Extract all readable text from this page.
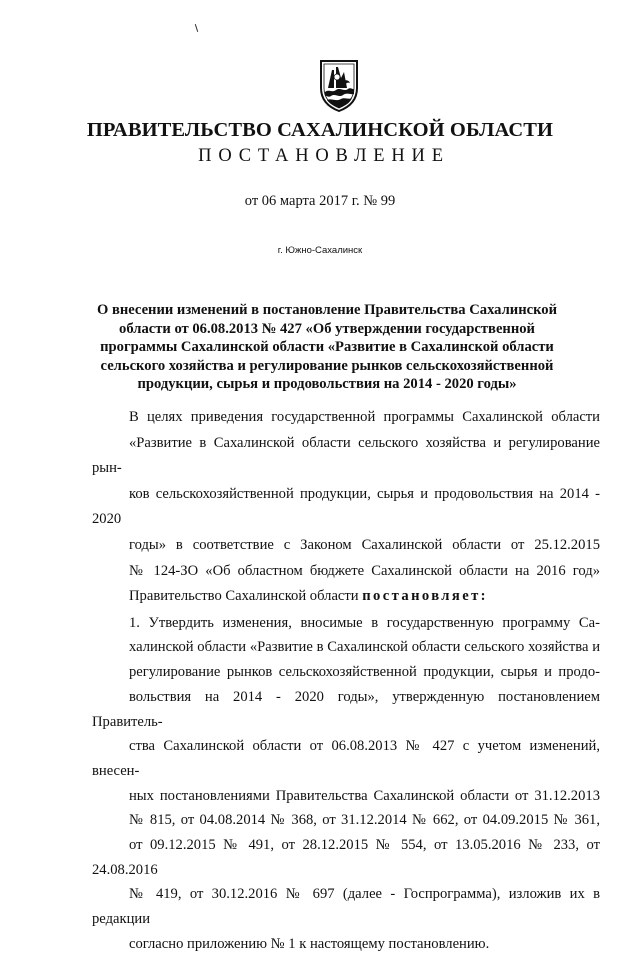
ПРАВИТЕЛЬСТВО САХАЛИНСКОЙ ОБЛАСТИ
ПОСТАНОВЛЕНИЕ
от 06 марта 2017 г. № 99
г. Южно-Сахалинск
О внесении изменений в постановление Правительства Сахалинской
области от 06.08.2013 № 427 «Об утверждении государственной
программы Сахалинской области «Развитие в Сахалинской области
сельского хозяйства и регулирование рынков сельскохозяйственной
продукции, сырья и продовольствия на 2014 - 2020 годы»

В целях приведения государственной программы Сахалинской области
«Развитие в Сахалинской области сельского хозяйства и регулирование рын-
ков сельскохозяйственной продукции, сырья и продовольствия на 2014 - 2020
годы» в соответствие с Законом Сахалинской области от 25.12.2015
№ 124-ЗО «Об областном бюджете Сахалинской области на 2016 год»
Правительство Сахалинской области постановляет:

1. Утвердить изменения, вносимые в государственную программу Са-
халинской области «Развитие в Сахалинской области сельского хозяйства и
регулирование рынков сельскохозяйственной продукции, сырья и продо-
вольствия на 2014 - 2020 годы», утвержденную постановлением Правитель-
ства Сахалинской области от 06.08.2013 № 427 с учетом изменений, внесен-
ных постановлениями Правительства Сахалинской области от 31.12.2013
№ 815, от 04.08.2014 № 368, от 31.12.2014 № 662, от 04.09.2015 № 361,
от 09.12.2015 № 491, от 28.12.2015 № 554, от 13.05.2016 № 233, от 24.08.2016
№ 419, от 30.12.2016 № 697 (далее - Госпрограмма), изложив их в редакции
согласно приложению № 1 к настоящему постановлению.
